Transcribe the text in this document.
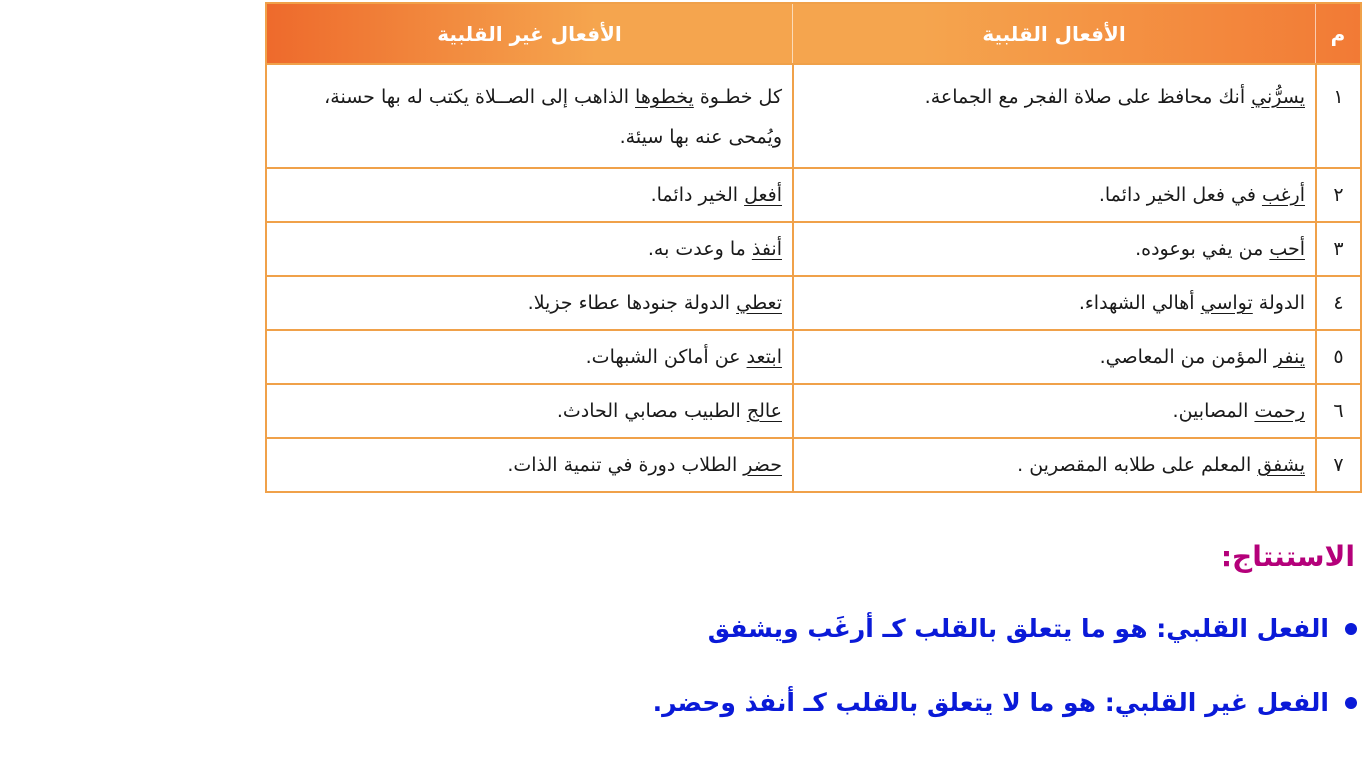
م
الأفعال القلبية
الأفعال غير القلبية
١
يسرُّني أنك محافظ على صلاة الفجر مع الجماعة.
كل خطـوة يخطوها الذاهب إلى الصــلاة يكتب له بها حسنة، ويُمحى عنه بها سيئة.
٢
أرغب في فعل الخير دائما.
أفعل الخير دائما.
٣
أحب من يفي بوعوده.
أنفذ ما وعدت به.
٤
الدولة تواسي أهالي الشهداء.
تعطي الدولة جنودها عطاء جزيلا.
٥
ينفر المؤمن من المعاصي.
ابتعد عن أماكن الشبهات.
٦
رحمت المصابين.
عالج الطبيب مصابي الحادث.
٧
يشفق المعلم على طلابه المقصرين .
حضر الطلاب دورة في تنمية الذات.
الاستنتاج:
الفعل القلبي: هو ما يتعلق بالقلب كـ أرغَب ويشفق
الفعل غير القلبي: هو ما لا يتعلق بالقلب كـ أنفذ وحضر.
